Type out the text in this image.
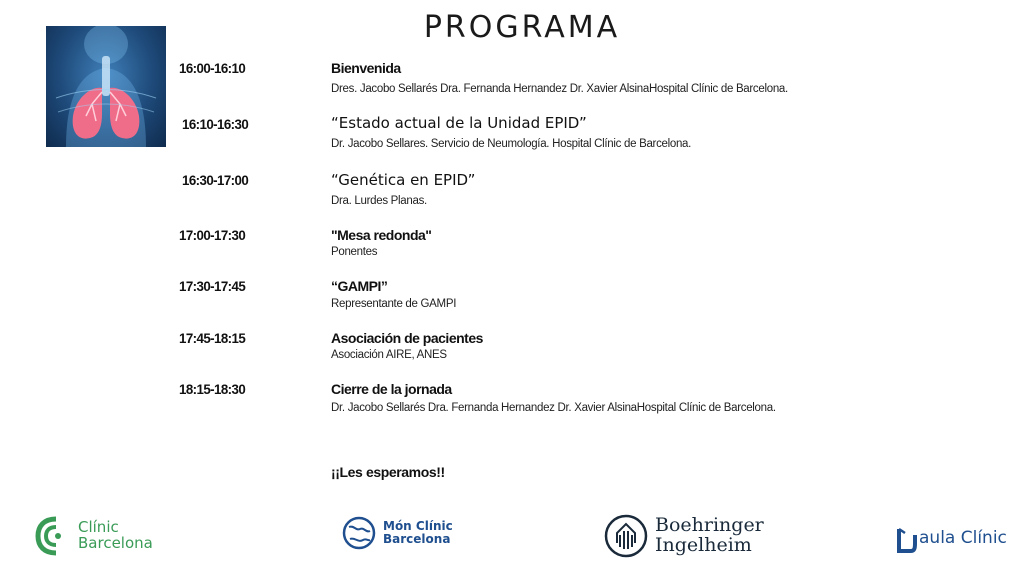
PROGRAMA
16:00-16:10	Bienvenida
Dres. Jacobo Sellarés Dra. Fernanda Hernandez Dr. Xavier AlsinaHospital Clínic de Barcelona.
16:10-16:30	“Estado actual de la Unidad EPID”
Dr. Jacobo Sellares. Servicio de Neumología. Hospital Clínic de Barcelona.
16:30-17:00	“Genética en EPID”
Dra. Lurdes Planas.
17:00-17:30	"Mesa redonda"
Ponentes
17:30-17:45	“GAMPI”
Representante de GAMPI
17:45-18:15	Asociación de pacientes
Asociación AIRE, ANES
18:15-18:30	Cierre de la jornada
Dr. Jacobo Sellarés Dra. Fernanda Hernandez Dr. Xavier AlsinaHospital Clínic de Barcelona.
¡¡Les esperamos!!
Clínic
Barcelona
Món Clínic
Barcelona
Boehringer
Ingelheim	aula Clínic
